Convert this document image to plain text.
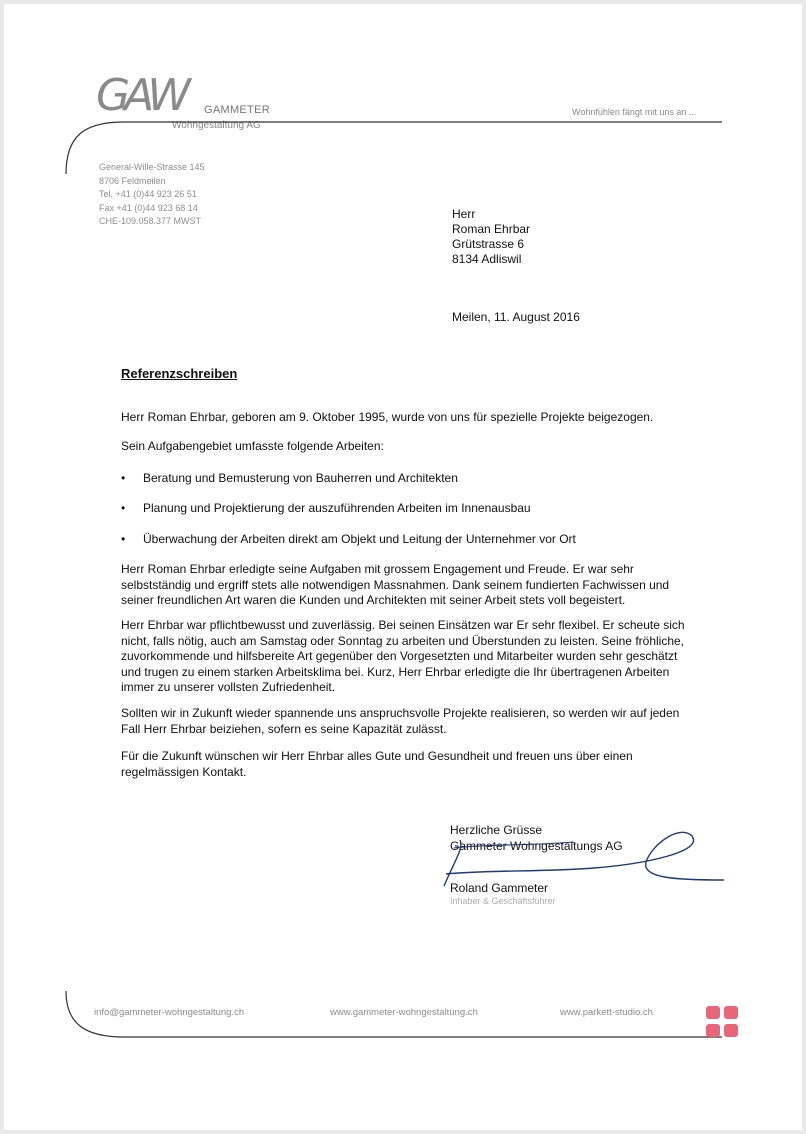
GAW	GAMMETER
Wohngestaltung AG
Wohnfühlen fängt mit uns an ...
General-Wille-Strasse 145
8706 Feldmeilen
Tel. +41 (0)44 923 26 51
Fax +41 (0)44 923 68 14
CHE-109.058.377 MWST	Herr
Roman Ehrbar
Grütstrasse 6
8134 Adliswil
Meilen, 11. August 2016
Referenzschreiben

Herr Roman Ehrbar, geboren am 9. Oktober 1995, wurde von uns für spezielle Projekte beigezogen.

Sein Aufgabengebiet umfasste folgende Arbeiten:

• Beratung und Bemusterung von Bauherren und Architekten
• Planung und Projektierung der auszuführenden Arbeiten im Innenausbau
• Überwachung der Arbeiten direkt am Objekt und Leitung der Unternehmer vor Ort

Herr Roman Ehrbar erledigte seine Aufgaben mit grossem Engagement und Freude. Er war sehr selbstständig und ergriff stets alle notwendigen Massnahmen. Dank seinem fundierten Fachwissen und seiner freundlichen Art waren die Kunden und Architekten mit seiner Arbeit stets voll begeistert.

Herr Ehrbar war pflichtbewusst und zuverlässig. Bei seinen Einsätzen war Er sehr flexibel. Er scheute sich nicht, falls nötig, auch am Samstag oder Sonntag zu arbeiten und Überstunden zu leisten. Seine fröhliche, zuvorkommende und hilfsbereite Art gegenüber den Vorgesetzten und Mitarbeiter wurden sehr geschätzt und trugen zu einem starken Arbeitsklima bei. Kurz, Herr Ehrbar erledigte die Ihr übertragenen Arbeiten immer zu unserer vollsten Zufriedenheit.

Sollten wir in Zukunft wieder spannende uns anspruchsvolle Projekte realisieren, so werden wir auf jeden Fall Herr Ehrbar beiziehen, sofern es seine Kapazität zulässt.

Für die Zukunft wünschen wir Herr Ehrbar alles Gute und Gesundheit und freuen uns über einen regelmässigen Kontakt.

Herzliche Grüsse
Gammeter Wohngestaltungs AG
Roland Gammeter
Inhaber & Geschäftsführer
info@gammeter-wohngestaltung.ch	www.gammeter-wohngestaltung.ch	www.parkett-studio.ch
